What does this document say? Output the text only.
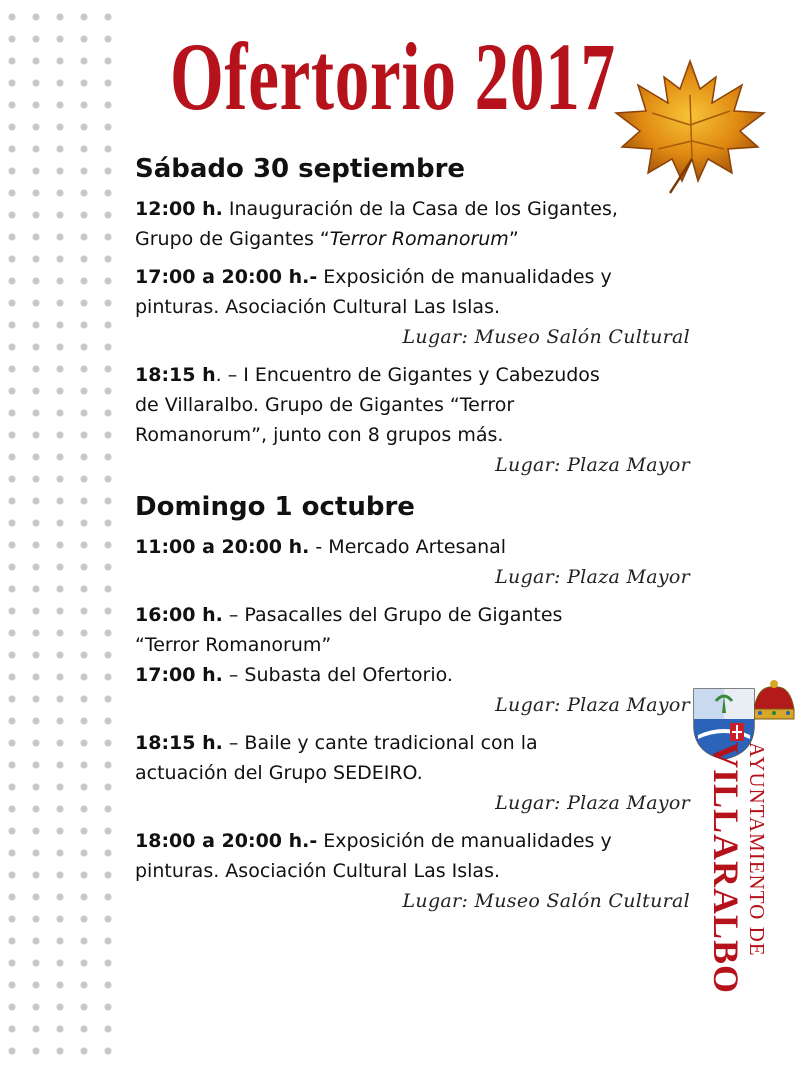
Ofertorio 2017
Sábado 30 septiembre

12:00 h. Inauguración de la Casa de los Gigantes,

Grupo de Gigantes “Terror Romanorum”

17:00 a 20:00 h.- Exposición de manualidades y

pinturas. Asociación Cultural Las Islas.

Lugar: Museo Salón Cultural

18:15 h. – I Encuentro de Gigantes y Cabezudos

de Villaralbo. Grupo de Gigantes “Terror

Romanorum”, junto con 8 grupos más.

Lugar: Plaza Mayor

Domingo 1 octubre

11:00 a 20:00 h. - Mercado Artesanal

Lugar: Plaza Mayor

16:00 h. – Pasacalles del Grupo de Gigantes

“Terror Romanorum”

17:00 h. – Subasta del Ofertorio.

Lugar: Plaza Mayor

18:15 h. – Baile y cante tradicional con la

actuación del Grupo SEDEIRO.

Lugar: Plaza Mayor

18:00 a 20:00 h.- Exposición de manualidades y

pinturas. Asociación Cultural Las Islas.

Lugar: Museo Salón Cultural	AYUNTAMIENTO DE
VILLARALBO
